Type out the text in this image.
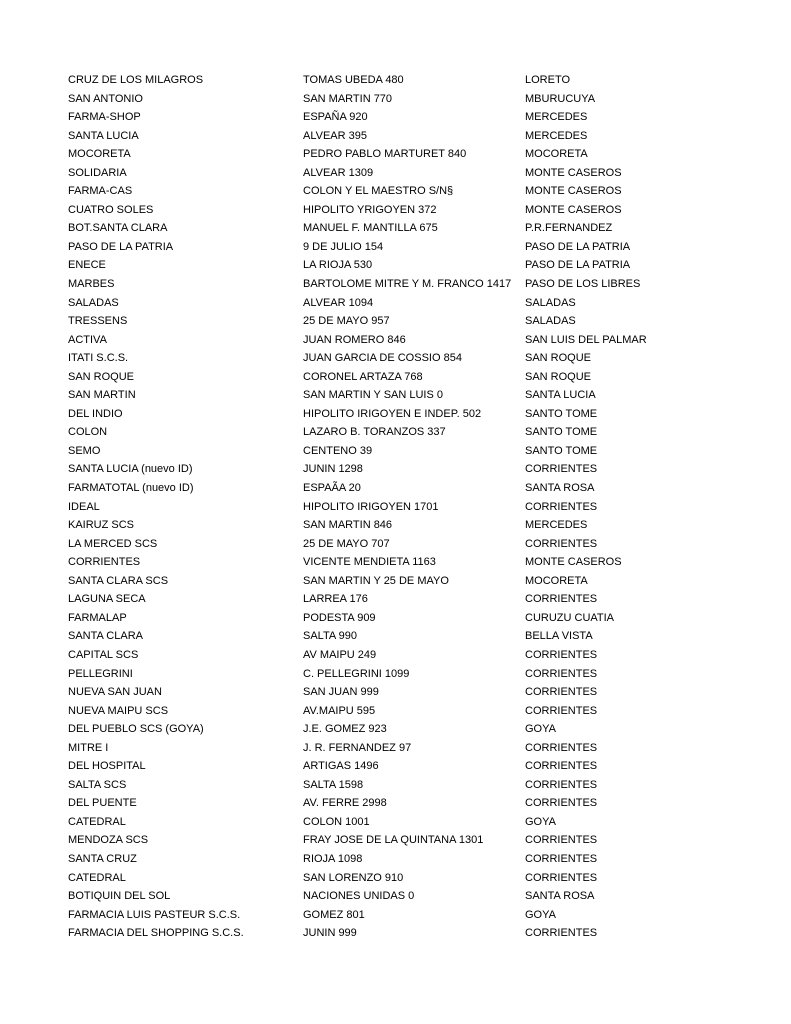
CRUZ DE LOS MILAGROS	TOMAS UBEDA 480	LORETO
SAN ANTONIO	SAN MARTIN 770	MBURUCUYA
FARMA-SHOP	ESPAÑA 920	MERCEDES
SANTA LUCIA	ALVEAR 395	MERCEDES
MOCORETA	PEDRO PABLO MARTURET 840	MOCORETA
SOLIDARIA	ALVEAR 1309	MONTE CASEROS
FARMA-CAS	COLON Y EL MAESTRO S/N§	MONTE CASEROS
CUATRO SOLES	HIPOLITO YRIGOYEN 372	MONTE CASEROS
BOT.SANTA CLARA	MANUEL F. MANTILLA 675	P.R.FERNANDEZ
PASO DE LA PATRIA	9 DE JULIO 154	PASO DE LA PATRIA
ENECE	LA RIOJA 530	PASO DE LA PATRIA
MARBES	BARTOLOME MITRE Y M. FRANCO 1417	PASO DE LOS LIBRES
SALADAS	ALVEAR 1094	SALADAS
TRESSENS	25 DE MAYO 957	SALADAS
ACTIVA	JUAN ROMERO 846	SAN LUIS DEL PALMAR
ITATI S.C.S.	JUAN GARCIA DE COSSIO 854	SAN ROQUE
SAN ROQUE	CORONEL ARTAZA 768	SAN ROQUE
SAN MARTIN	SAN MARTIN Y SAN LUIS 0	SANTA LUCIA
DEL INDIO	HIPOLITO IRIGOYEN E INDEP. 502	SANTO TOME
COLON	LAZARO B. TORANZOS 337	SANTO TOME
SEMO	CENTENO 39	SANTO TOME
SANTA LUCIA (nuevo ID)	JUNIN 1298	CORRIENTES
FARMATOTAL (nuevo ID)	ESPAÃA 20	SANTA ROSA
IDEAL	HIPOLITO IRIGOYEN 1701	CORRIENTES
KAIRUZ SCS	SAN MARTIN 846	MERCEDES
LA MERCED SCS	25 DE MAYO 707	CORRIENTES
CORRIENTES	VICENTE MENDIETA 1163	MONTE CASEROS
SANTA CLARA SCS	SAN MARTIN Y 25 DE MAYO	MOCORETA
LAGUNA SECA	LARREA 176	CORRIENTES
FARMALAP	PODESTA 909	CURUZU CUATIA
SANTA CLARA	SALTA 990	BELLA VISTA
CAPITAL SCS	AV MAIPU 249	CORRIENTES
PELLEGRINI	C. PELLEGRINI 1099	CORRIENTES
NUEVA SAN JUAN	SAN JUAN 999	CORRIENTES
NUEVA MAIPU SCS	AV.MAIPU 595	CORRIENTES
DEL PUEBLO SCS (GOYA)	J.E. GOMEZ 923	GOYA
MITRE I	J. R. FERNANDEZ 97	CORRIENTES
DEL HOSPITAL	ARTIGAS 1496	CORRIENTES
SALTA SCS	SALTA 1598	CORRIENTES
DEL PUENTE	AV. FERRE 2998	CORRIENTES
CATEDRAL	COLON 1001	GOYA
MENDOZA SCS	FRAY JOSE DE LA QUINTANA 1301	CORRIENTES
SANTA CRUZ	RIOJA 1098	CORRIENTES
CATEDRAL	SAN LORENZO 910	CORRIENTES
BOTIQUIN DEL SOL	NACIONES UNIDAS 0	SANTA ROSA
FARMACIA LUIS PASTEUR S.C.S.	GOMEZ 801	GOYA
FARMACIA DEL SHOPPING S.C.S.	JUNIN 999	CORRIENTES
